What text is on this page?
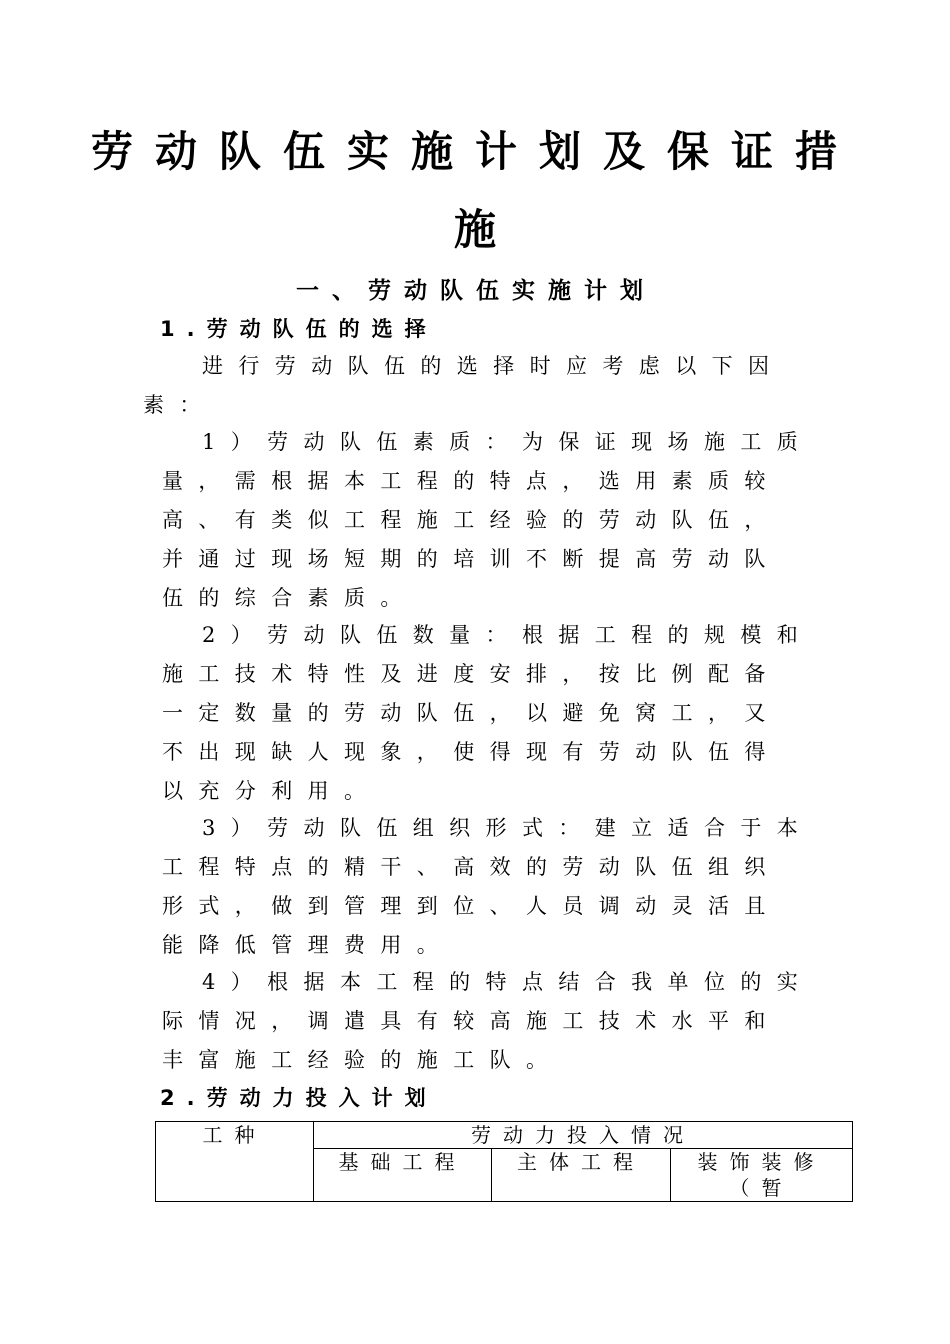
劳动队伍实施计划及保证措
施
一、劳动队伍实施计划
1.劳动队伍的选择
进行劳动队伍的选择时应考虑以下因
素：
1）劳动队伍素质：为保证现场施工质
量，需根据本工程的特点，选用素质较
高、有类似工程施工经验的劳动队伍，
并通过现场短期的培训不断提高劳动队
伍的综合素质。
2）劳动队伍数量：根据工程的规模和
施工技术特性及进度安排，按比例配备
一定数量的劳动队伍，以避免窝工，又
不出现缺人现象，使得现有劳动队伍得
以充分利用。
3）劳动队伍组织形式：建立适合于本
工程特点的精干、高效的劳动队伍组织
形式，做到管理到位、人员调动灵活且
能降低管理费用。
4）根据本工程的特点结合我单位的实
际情况，调遣具有较高施工技术水平和
丰富施工经验的施工队。
2.劳动力投入计划
工种	劳动力投入情况		

	基础工程	主体工程	装饰装修（暂
